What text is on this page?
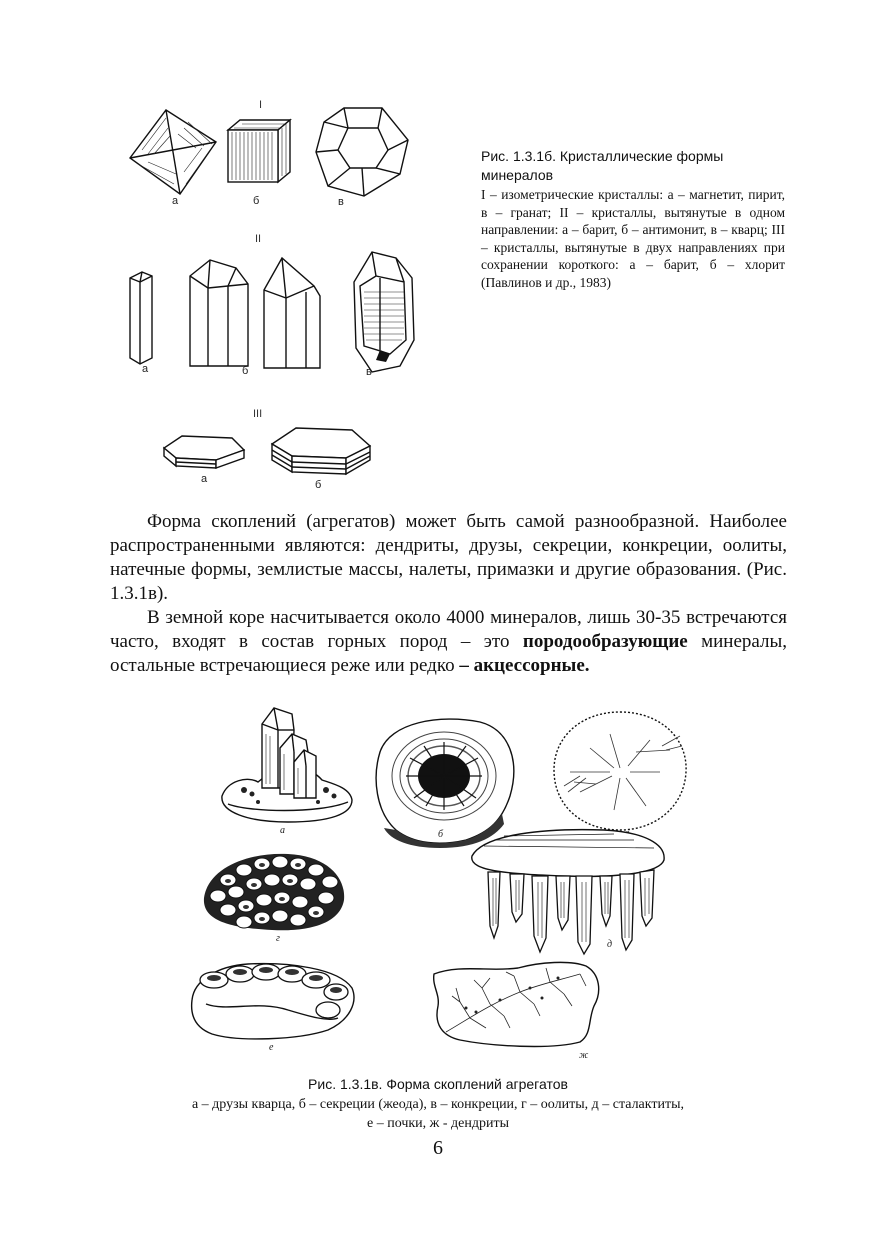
I
а	б	в
II
а	б	в
III
а	б
Рис. 1.3.1б. Кристаллические формы минералов
I – изометрические кристаллы: а – магнетит, пирит, в – гранат; II – кристаллы, вытянутые в одном направлении: а – барит, б – антимонит, в – кварц; III – кристаллы, вытянутые в двух направлениях при сохранении короткого: а – барит, б – хлорит (Павлинов и др., 1983)
Форма скоплений (агрегатов) может быть самой разнообразной. Наиболее распространенными являются: дендриты, друзы, секреции, конкреции, оолиты, натечные формы, землистые массы, налеты, примазки и другие образования. (Рис. 1.3.1в).
В земной коре насчитывается около 4000 минералов, лишь 30-35 встречаются часто, входят в состав горных пород – это породообразующие минералы, остальные встречающиеся реже или редко – акцессорные.
а	б
г
д
е
ж
Рис. 1.3.1в. Форма скоплений агрегатов
а – друзы кварца, б – секреции (жеода), в – конкреции, г – оолиты, д – сталактиты,
е – почки, ж - дендриты
6
